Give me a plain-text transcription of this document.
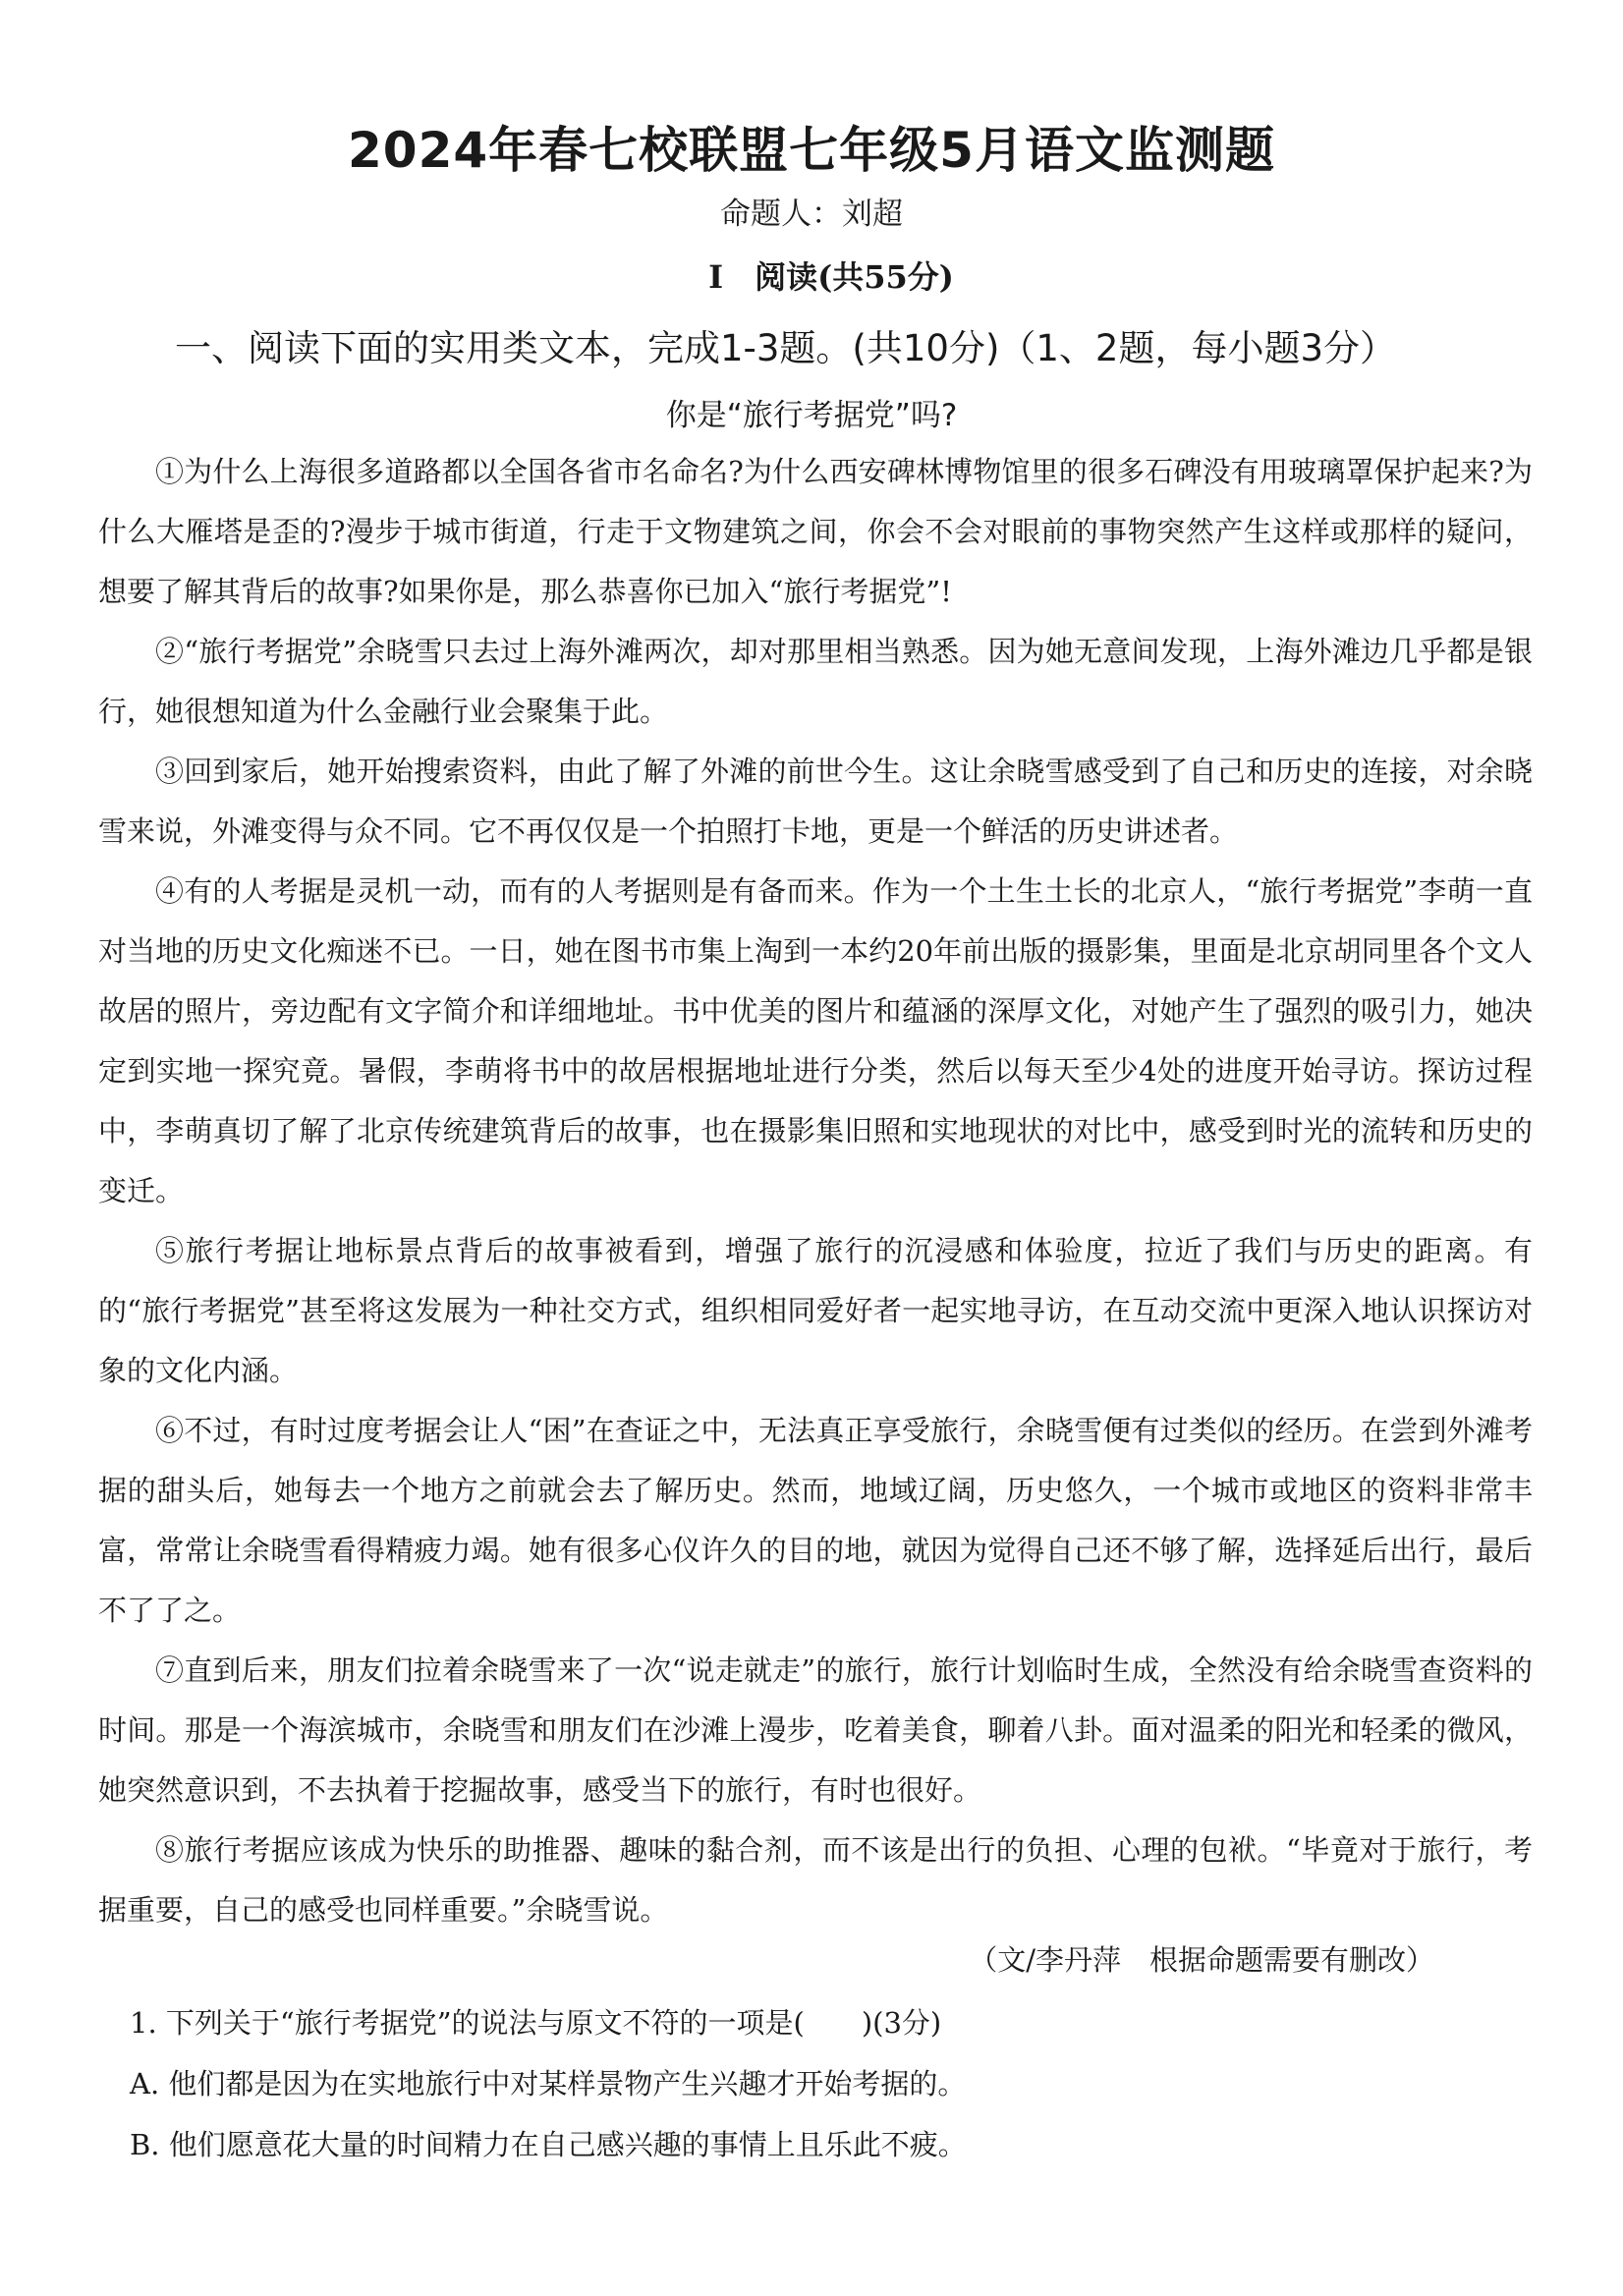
2024年春七校联盟七年级5月语文监测题
命题人：刘超
Ⅰ　阅读(共55分)
一、阅读下面的实用类文本，完成1-3题。(共10分)（1、2题，每小题3分）
你是“旅行考据党”吗?

①为什么上海很多道路都以全国各省市名命名?为什么西安碑林博物馆里的很多石碑没有用玻璃罩保护起来?为什么大雁塔是歪的?漫步于城市街道，行走于文物建筑之间，你会不会对眼前的事物突然产生这样或那样的疑问，想要了解其背后的故事?如果你是，那么恭喜你已加入“旅行考据党”!

②“旅行考据党”余晓雪只去过上海外滩两次，却对那里相当熟悉。因为她无意间发现，上海外滩边几乎都是银行，她很想知道为什么金融行业会聚集于此。

③回到家后，她开始搜索资料，由此了解了外滩的前世今生。这让余晓雪感受到了自己和历史的连接，对余晓雪来说，外滩变得与众不同。它不再仅仅是一个拍照打卡地，更是一个鲜活的历史讲述者。

④有的人考据是灵机一动，而有的人考据则是有备而来。作为一个土生土长的北京人，“旅行考据党”李萌一直对当地的历史文化痴迷不已。一日，她在图书市集上淘到一本约20年前出版的摄影集，里面是北京胡同里各个文人故居的照片，旁边配有文字简介和详细地址。书中优美的图片和蕴涵的深厚文化，对她产生了强烈的吸引力，她决定到实地一探究竟。暑假，李萌将书中的故居根据地址进行分类，然后以每天至少4处的进度开始寻访。探访过程中，李萌真切了解了北京传统建筑背后的故事，也在摄影集旧照和实地现状的对比中，感受到时光的流转和历史的变迁。

⑤旅行考据让地标景点背后的故事被看到，增强了旅行的沉浸感和体验度，拉近了我们与历史的距离。有的“旅行考据党”甚至将这发展为一种社交方式，组织相同爱好者一起实地寻访，在互动交流中更深入地认识探访对象的文化内涵。

⑥不过，有时过度考据会让人“困”在查证之中，无法真正享受旅行，余晓雪便有过类似的经历。在尝到外滩考据的甜头后，她每去一个地方之前就会去了解历史。然而，地域辽阔，历史悠久，一个城市或地区的资料非常丰富，常常让余晓雪看得精疲力竭。她有很多心仪许久的目的地，就因为觉得自己还不够了解，选择延后出行，最后不了了之。

⑦直到后来，朋友们拉着余晓雪来了一次“说走就走”的旅行，旅行计划临时生成，全然没有给余晓雪查资料的时间。那是一个海滨城市，余晓雪和朋友们在沙滩上漫步，吃着美食，聊着八卦。面对温柔的阳光和轻柔的微风，她突然意识到，不去执着于挖掘故事，感受当下的旅行，有时也很好。

⑧旅行考据应该成为快乐的助推器、趣味的黏合剂，而不该是出行的负担、心理的包袱。“毕竟对于旅行，考据重要，自己的感受也同样重要。”余晓雪说。

（文/李丹萍　根据命题需要有删改）
1. 下列关于“旅行考据党”的说法与原文不符的一项是(　　)(3分)
A. 他们都是因为在实地旅行中对某样景物产生兴趣才开始考据的。
B. 他们愿意花大量的时间精力在自己感兴趣的事情上且乐此不疲。
